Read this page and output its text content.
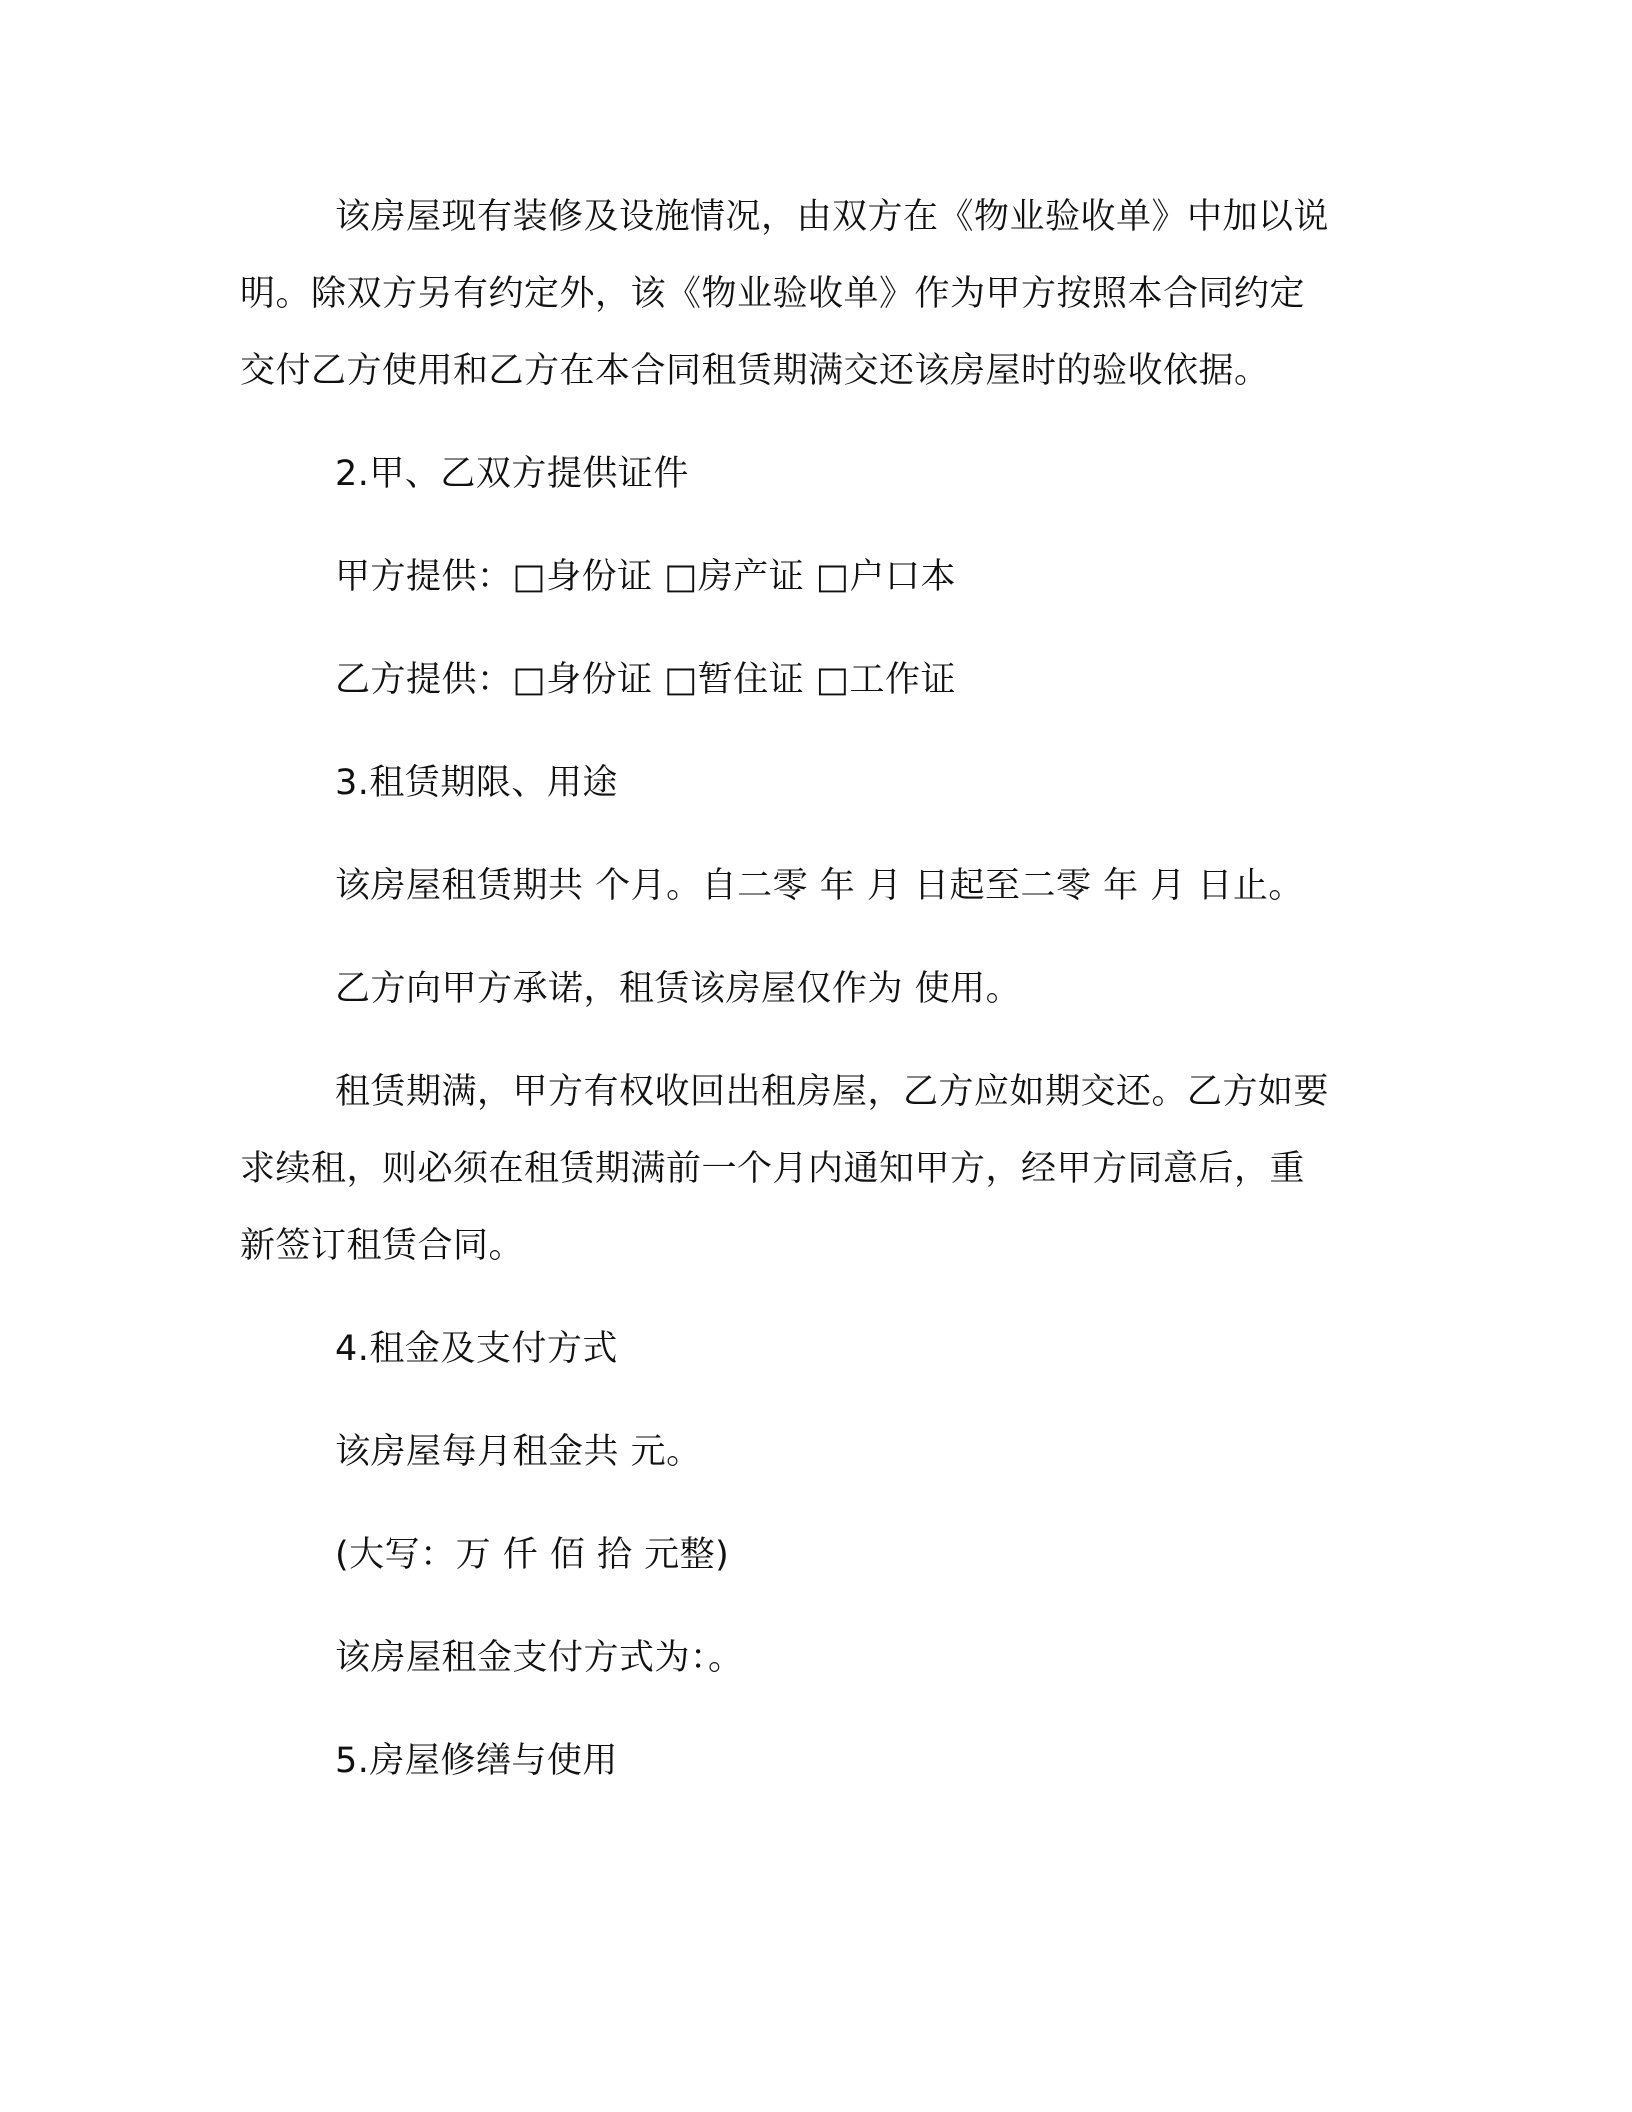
该房屋现有装修及设施情况，由双方在《物业验收单》中加以说
明。除双方另有约定外，该《物业验收单》作为甲方按照本合同约定
交付乙方使用和乙方在本合同租赁期满交还该房屋时的验收依据。
2.甲、乙双方提供证件
甲方提供：□身份证 □房产证 □户口本
乙方提供：□身份证 □暂住证 □工作证
3.租赁期限、用途
该房屋租赁期共 个月。自二零 年 月 日起至二零 年 月 日止。
乙方向甲方承诺，租赁该房屋仅作为 使用。
租赁期满，甲方有权收回出租房屋，乙方应如期交还。乙方如要
求续租，则必须在租赁期满前一个月内通知甲方，经甲方同意后，重
新签订租赁合同。
4.租金及支付方式
该房屋每月租金共 元。
(大写：万 仟 佰 拾 元整)
该房屋租金支付方式为：。
5.房屋修缮与使用
